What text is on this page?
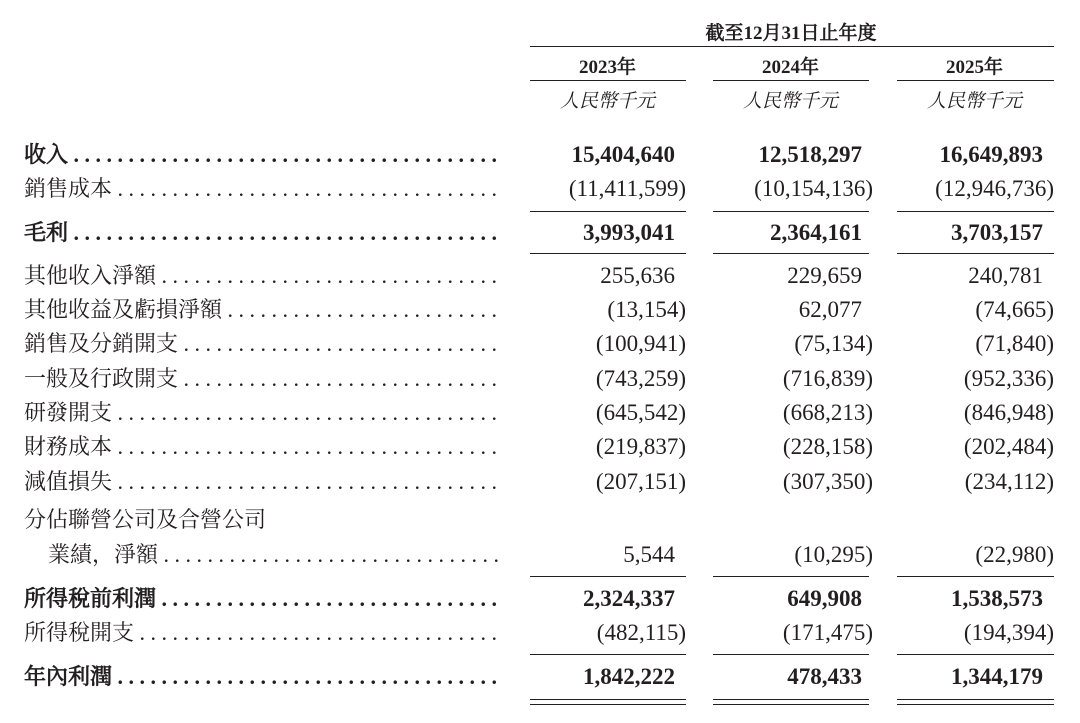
截至12月31日止年度
2023年	2024年	2025年
人民幣千元	人民幣千元	人民幣千元
收入 . . .	15,404,640	12,518,297	16,649,893
銷售成本 . . .	(11,411,599)	(10,154,136)	(12,946,736)
毛利 . . .	3,993,041	2,364,161	3,703,157
其他收入淨額 . . .	255,636	229,659	240,781
其他收益及虧損淨額 . . .	(13,154)	62,077	(74,665)
銷售及分銷開支 . . .	(100,941)	(75,134)	(71,840)
一般及行政開支 . . .	(743,259)	(716,839)	(952,336)
研發開支 . . .	(645,542)	(668,213)	(846,948)
財務成本 . . .	(219,837)	(228,158)	(202,484)
減值損失 . . .	(207,151)	(307,350)	(234,112)
分佔聯營公司及合營公司
業績，淨額 . . .	5,544	(10,295)	(22,980)
所得稅前利潤 . . .	2,324,337	649,908	1,538,573
所得稅開支 . . .	(482,115)	(171,475)	(194,394)
年內利潤 . . .	1,842,222	478,433	1,344,179
